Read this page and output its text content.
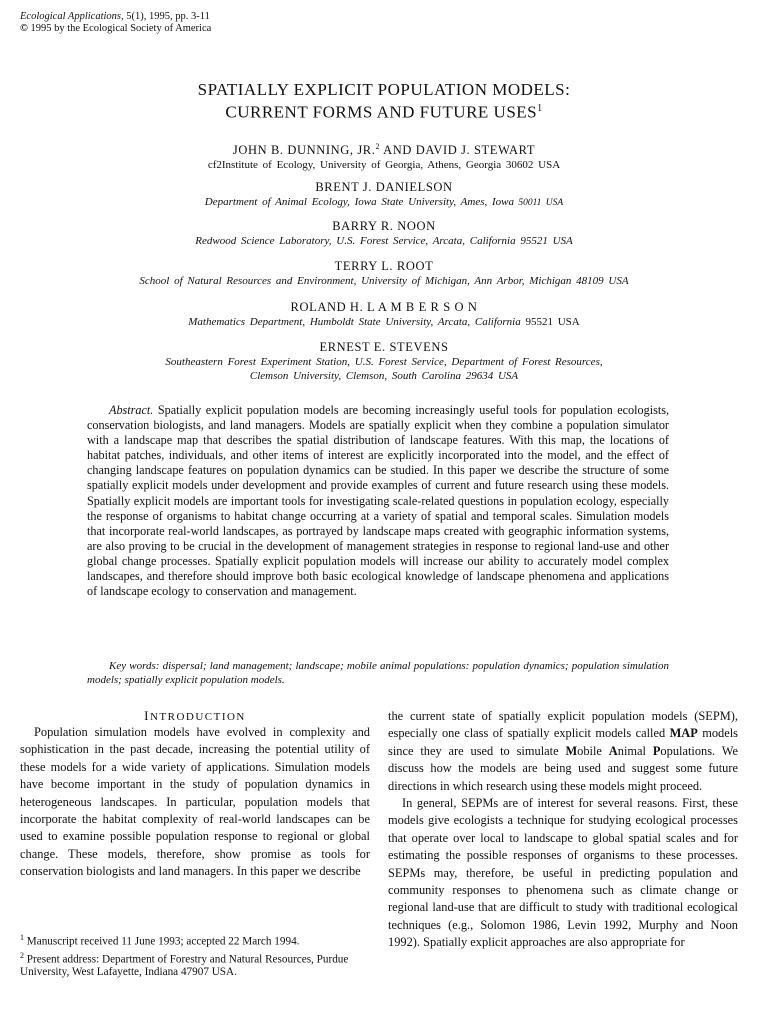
Ecological Applications, 5(1), 1995, pp. 3-11
© 1995 by the Ecological Society of America
SPATIALLY EXPLICIT POPULATION MODELS:
CURRENT FORMS AND FUTURE USES$^1$
JOHN B. DUNNING, JR.$^2$ AND DAVID J. STEWART
cf2Institute of Ecology, University of Georgia, Athens, Georgia 30602 USA
BRENT J. DANIELSON
Department of Animal Ecology, Iowa State University, Ames, Iowa 50011 USA
BARRY R. NOON
Redwood Science Laboratory, U.S. Forest Service, Arcata, California 95521 USA
TERRY L. ROOT
School of Natural Resources and Environment, University of Michigan, Ann Arbor, Michigan 48109 USA
ROLAND H. L A M B E R S O N
Mathematics Department, Humboldt State University, Arcata, California 95521 USA
ERNEST E. STEVENS
Southeastern Forest Experiment Station, U.S. Forest Service, Department of Forest Resources,
Clemson University, Clemson, South Carolina 29634 USA
Abstract. Spatially explicit population models are becoming increasingly useful tools for population ecologists, conservation biologists, and land managers. Models are spatially explicit when they combine a population simulator with a landscape map that describes the spatial distribution of landscape features. With this map, the locations of habitat patches, individuals, and other items of interest are explicitly incorporated into the model, and the effect of changing landscape features on population dynamics can be studied. In this paper we describe the structure of some spatially explicit models under development and provide examples of current and future research using these models. Spatially explicit models are important tools for investigating scale-related questions in population ecology, especially the response of organisms to habitat change occurring at a variety of spatial and temporal scales. Simulation models that incorporate real-world landscapes, as portrayed by landscape maps created with geographic information systems, are also proving to be crucial in the development of management strategies in response to regional land-use and other global change processes. Spatially explicit population models will increase our ability to accurately model complex landscapes, and therefore should improve both basic ecological knowledge of landscape phenomena and applications of landscape ecology to conservation and management.
Key words: dispersal; land management; landscape; mobile animal populations: population dynamics; population simulation models; spatially explicit population models.
INTRODUCTION
Population simulation models have evolved in complexity and sophistication in the past decade, increasing the potential utility of these models for a wide variety of applications. Simulation models have become important in the study of population dynamics in heterogeneous landscapes. In particular, population models that incorporate the habitat complexity of real-world landscapes can be used to examine possible population response to regional or global change. These models, therefore, show promise as tools for conservation biologists and land managers. In this paper we describe
the current state of spatially explicit population models (SEPM), especially one class of spatially explicit models called MAP models since they are used to simulate Mobile Animal Populations. We discuss how the models are being used and suggest some future directions in which research using these models might proceed.
In general, SEPMs are of interest for several reasons. First, these models give ecologists a technique for studying ecological processes that operate over local to landscape to global spatial scales and for estimating the possible responses of organisms to these processes. SEPMs may, therefore, be useful in predicting population and community responses to phenomena such as climate change or regional land-use that are difficult to study with traditional ecological techniques (e.g., Solomon 1986, Levin 1992, Murphy and Noon 1992). Spatially explicit approaches are also appropriate for
$^1$ Manuscript received 11 June 1993; accepted 22 March 1994.
$^2$ Present address: Department of Forestry and Natural Resources, Purdue University, West Lafayette, Indiana 47907 USA.
